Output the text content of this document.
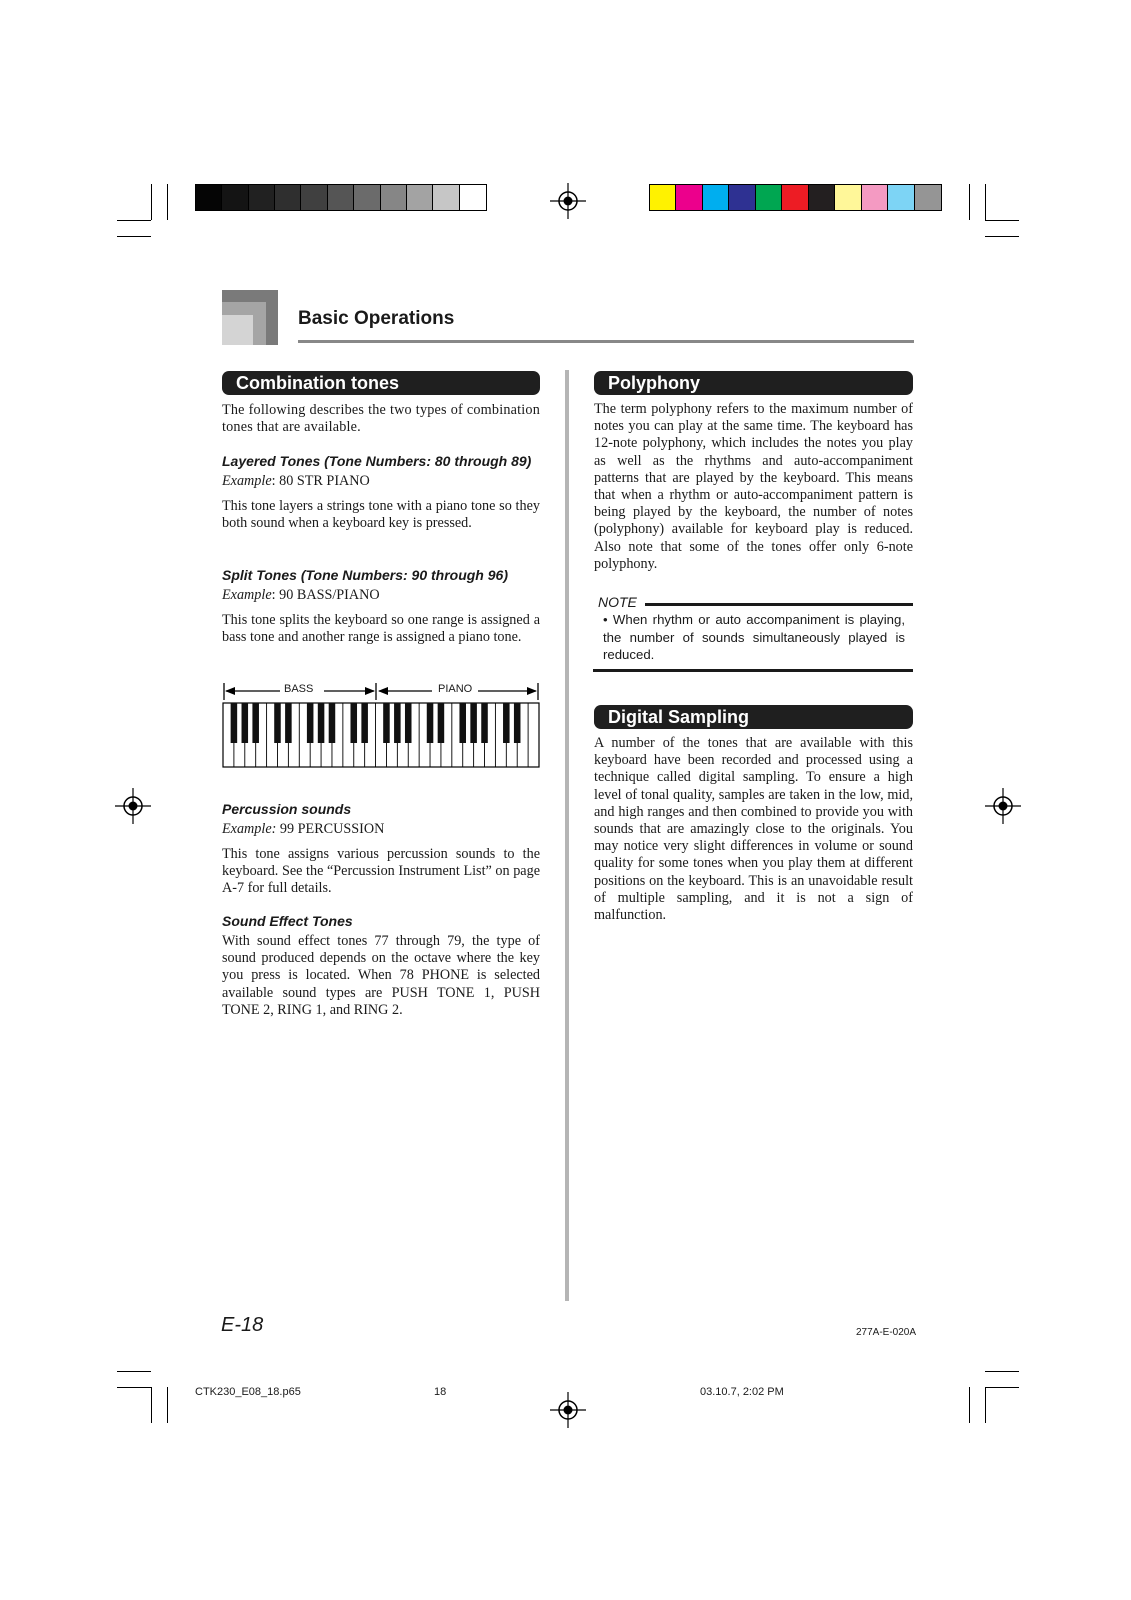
Basic Operations
Combination tones
The following describes the two types of combination tones that are available.
Layered Tones (Tone Numbers: 80 through 89)
Example: 80 STR PIANO
This tone layers a strings tone with a piano tone so they both sound when a keyboard key is pressed.
Split Tones (Tone Numbers: 90 through 96)
Example: 90 BASS/PIANO
This tone splits the keyboard so one range is assigned a bass tone and another range is assigned a piano tone.
BASS	PIANO
Percussion sounds
Example: 99 PERCUSSION
This tone assigns various percussion sounds to the keyboard. See the “Percussion Instrument List” on page A-7 for full details.
Sound Effect Tones
With sound effect tones 77 through 79, the type of sound produced depends on the octave where the key you press is located. When 78 PHONE is selected available sound types are PUSH TONE 1, PUSH TONE 2, RING 1, and RING 2.
Polyphony
The term polyphony refers to the maximum number of notes you can play at the same time. The keyboard has 12-note polyphony, which includes the notes you play as well as the rhythms and auto-accompaniment patterns that are played by the keyboard. This means that when a rhythm or auto-accompaniment pattern is being played by the keyboard, the number of notes (polyphony) available for keyboard play is reduced. Also note that some of the tones offer only 6-note polyphony.
NOTE
• When rhythm or auto accompaniment is playing, the number of sounds simultaneously played is reduced.
Digital Sampling
A number of the tones that are available with this keyboard have been recorded and processed using a technique called digital sampling. To ensure a high level of tonal quality, samples are taken in the low, mid, and high ranges and then combined to provide you with sounds that are amazingly close to the originals. You may notice very slight differences in volume or sound quality for some tones when you play them at different positions on the keyboard. This is an unavoidable result of multiple sampling, and it is not a sign of malfunction.
E-18	277A-E-020A
CTK230_E08_18.p65	18	03.10.7, 2:02 PM
